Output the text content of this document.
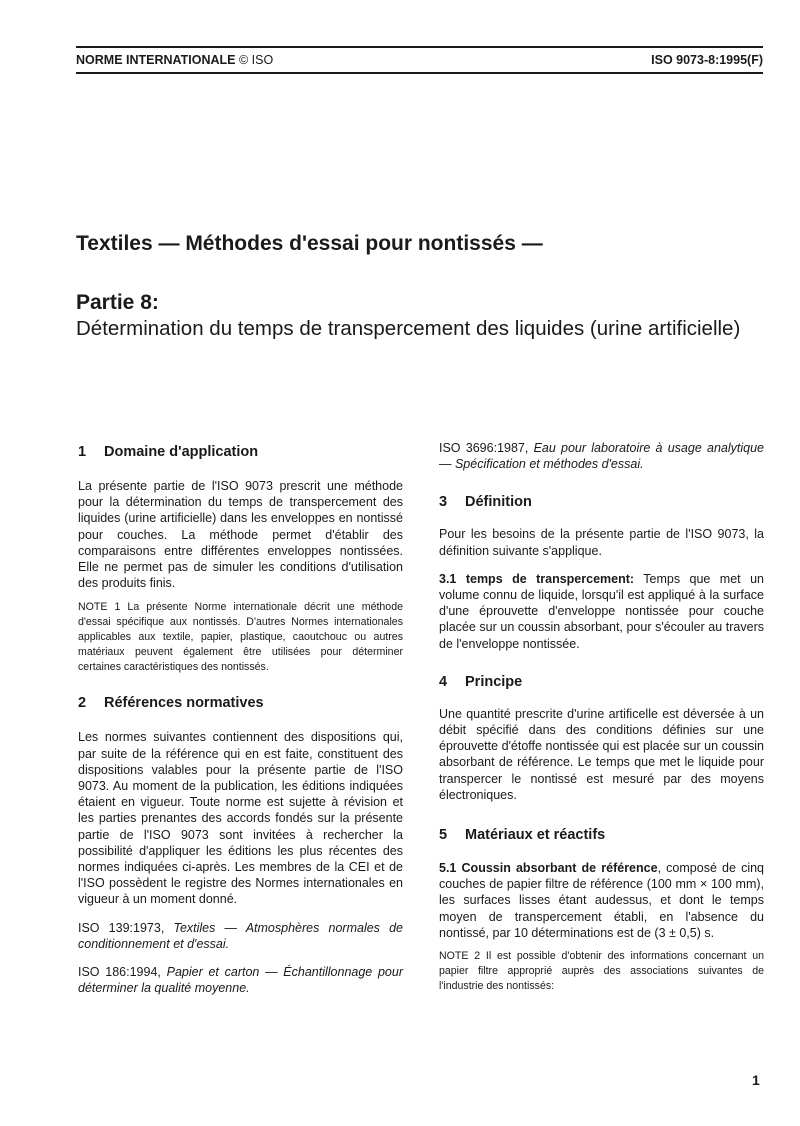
NORME INTERNATIONALE © ISO	ISO 9073-8:1995(F)
Textiles — Méthodes d'essai pour nontissés —
Partie 8:
Détermination du temps de transpercement des liquides (urine artificielle)
1 Domaine d'application

La présente partie de l'ISO 9073 prescrit une méthode pour la détermination du temps de transpercement des liquides (urine artificielle) dans les enveloppes en nontissé pour couches. La méthode permet d'établir des comparaisons entre différentes enveloppes nontissées. Elle ne permet pas de simuler les conditions d'utilisation des produits finis.

NOTE 1 La présente Norme internationale décrit une méthode d'essai spécifique aux nontissés. D'autres Normes internationales applicables aux textile, papier, plastique, caoutchouc ou autres matériaux peuvent également être utilisées pour déterminer certaines caractéristiques des nontissés.

2 Références normatives

Les normes suivantes contiennent des dispositions qui, par suite de la référence qui en est faite, constituent des dispositions valables pour la présente partie de l'ISO 9073. Au moment de la publication, les éditions indiquées étaient en vigueur. Toute norme est sujette à révision et les parties prenantes des accords fondés sur la présente partie de l'ISO 9073 sont invitées à rechercher la possibilité d'appliquer les éditions les plus récentes des normes indiquées ci-après. Les membres de la CEI et de l'ISO possèdent le registre des Normes internationales en vigueur à un moment donné.

ISO 139:1973, Textiles — Atmosphères normales de conditionnement et d'essai.

ISO 186:1994, Papier et carton — Échantillonnage pour déterminer la qualité moyenne.

ISO 3696:1987, Eau pour laboratoire à usage analytique — Spécification et méthodes d'essai.

3 Définition

Pour les besoins de la présente partie de l'ISO 9073, la définition suivante s'applique.

3.1 temps de transpercement: Temps que met un volume connu de liquide, lorsqu'il est appliqué à la surface d'une éprouvette d'enveloppe nontissée pour couche placée sur un coussin absorbant, pour s'écouler au travers de l'enveloppe nontissée.

4 Principe

Une quantité prescrite d'urine artificelle est déversée à un débit spécifié dans des conditions définies sur une éprouvette d'étoffe nontissée qui est placée sur un coussin absorbant de référence. Le temps que met le liquide pour transpercer le nontissé est mesuré par des moyens électroniques.

5 Matériaux et réactifs

5.1 Coussin absorbant de référence, composé de cinq couches de papier filtre de référence (100 mm × 100 mm), les surfaces lisses étant audessus, et dont le temps moyen de transpercement établi, en l'absence du nontissé, par 10 déterminations est de (3 ± 0,5) s.

NOTE 2 Il est possible d'obtenir des informations concernant un papier filtre approprié auprès des associations suivantes de l'industrie des nontissés:

1
